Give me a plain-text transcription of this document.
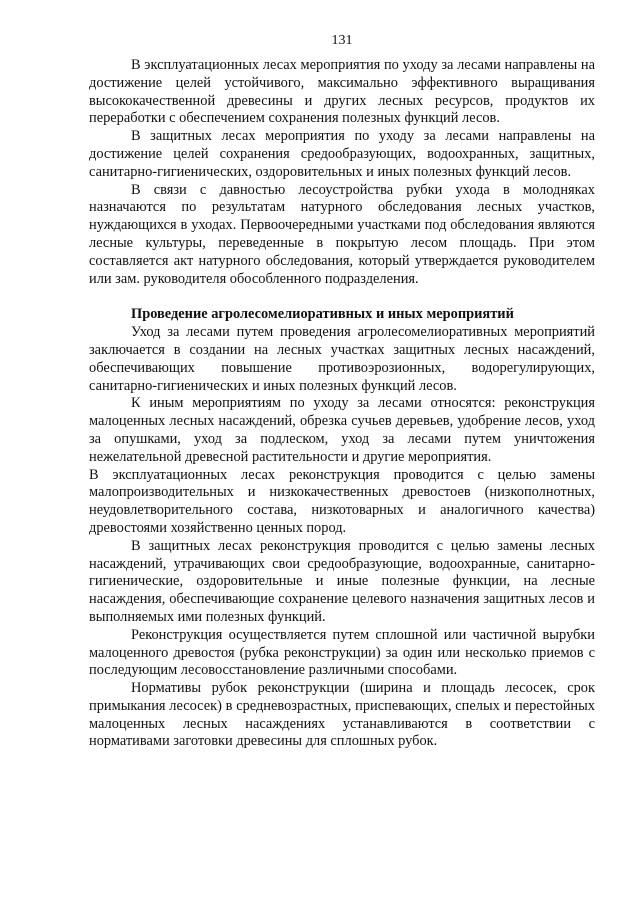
131

В эксплуатационных лесах мероприятия по уходу за лесами направлены на достижение целей устойчивого, максимально эффективного выращивания высококачественной древесины и других лесных ресурсов, продуктов их переработки с обеспечением сохранения полезных функций лесов.

В защитных лесах мероприятия по уходу за лесами направлены на достижение целей сохранения средообразующих, водоохранных, защитных, санитарно-гигиенических, оздоровительных и иных полезных функций лесов.

В связи с давностью лесоустройства рубки ухода в молодняках назначаются по результатам натурного обследования лесных участков, нуждающихся в уходах. Первоочередными участками под обследования являются лесные культуры, переведенные в покрытую лесом площадь. При этом составляется акт натурного обследования, который утверждается руководителем или зам. руководителя обособленного подразделения.

Проведение агролесомелиоративных и иных мероприятий

Уход за лесами путем проведения агролесомелиоративных мероприятий заключается в создании на лесных участках защитных лесных насаждений, обеспечивающих повышение противоэрозионных, водорегулирующих, санитарно-гигиенических и иных полезных функций лесов.

К иным мероприятиям по уходу за лесами относятся: реконструкция малоценных лесных насаждений, обрезка сучьев деревьев, удобрение лесов, уход за опушками, уход за подлеском, уход за лесами путем уничтожения нежелательной древесной растительности и другие мероприятия.

В эксплуатационных лесах реконструкция проводится с целью замены малопроизводительных и низкокачественных древостоев (низкополнотных, неудовлетворительного состава, низкотоварных и аналогичного качества) древостоями хозяйственно ценных пород.

В защитных лесах реконструкция проводится с целью замены лесных насаждений, утрачивающих свои средообразующие, водоохранные, санитарно-гигиенические, оздоровительные и иные полезные функции, на лесные насаждения, обеспечивающие сохранение целевого назначения защитных лесов и выполняемых ими полезных функций.

Реконструкция осуществляется путем сплошной или частичной вырубки малоценного древостоя (рубка реконструкции) за один или несколько приемов с последующим лесовосстановление различными способами.

Нормативы рубок реконструкции (ширина и площадь лесосек, срок примыкания лесосек) в средневозрастных, приспевающих, спелых и перестойных малоценных лесных насаждениях устанавливаются в соответствии с нормативами заготовки древесины для сплошных рубок.
